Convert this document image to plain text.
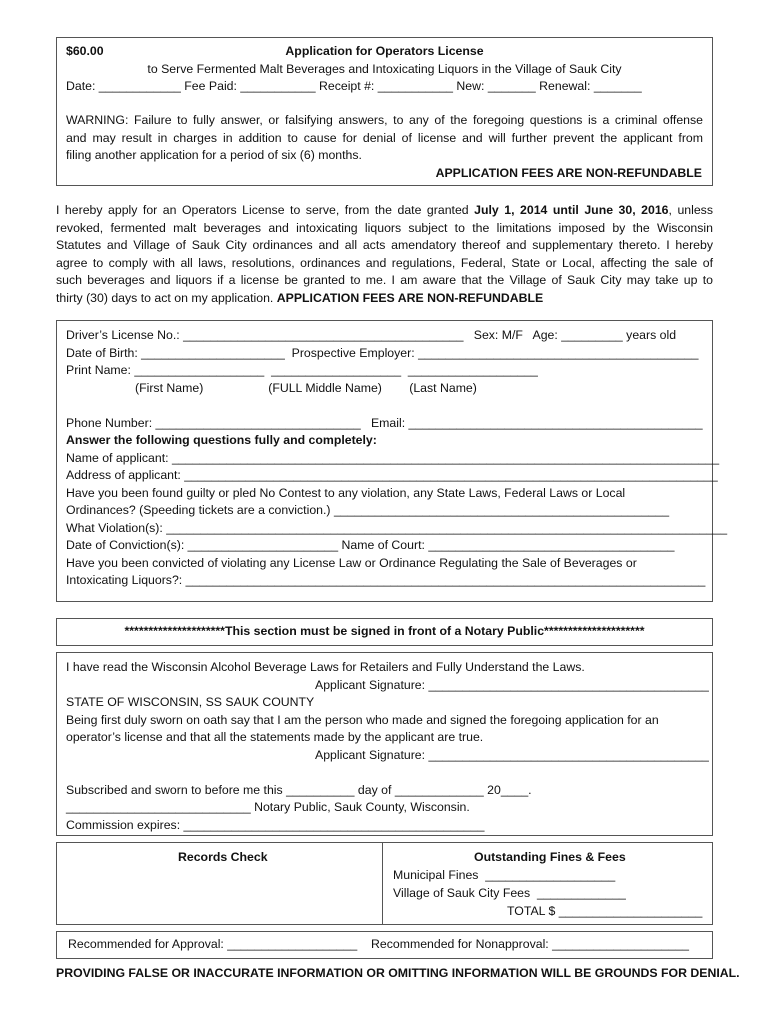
$60.00	Application for Operators License
to Serve Fermented Malt Beverages and Intoxicating Liquors in the Village of Sauk City
Date: ____________ Fee Paid: ___________ Receipt #: ___________ New: _______ Renewal: _______
WARNING: Failure to fully answer, or falsifying answers, to any of the foregoing questions is a criminal offense
and may result in charges in addition to cause for denial of license and will further prevent the applicant from
filing another application for a period of six (6) months.
APPLICATION FEES ARE NON-REFUNDABLE
I hereby apply for an Operators License to serve, from the date granted July 1, 2014 until June 30, 2016, unless
revoked, fermented malt beverages and intoxicating liquors subject to the limitations imposed by the Wisconsin
Statutes and Village of Sauk City ordinances and all acts amendatory thereof and supplementary thereto. I hereby
agree to comply with all laws, resolutions, ordinances and regulations, Federal, State or Local, affecting the sale of
such beverages and liquors if a license be granted to me. I am aware that the Village of Sauk City may take up to
thirty (30) days to act on my application. APPLICATION FEES ARE NON-REFUNDABLE
Driver’s License No.: _________________________________________   Sex: M/F   Age: _________ years old
Date of Birth: _____________________  Prospective Employer: _________________________________________
Print Name: ___________________  ___________________  ___________________
(First Name)                   (FULL Middle Name)        (Last Name)

Phone Number: ______________________________   Email: ___________________________________________
Answer the following questions fully and completely:
Name of applicant: ________________________________________________________________________________
Address of applicant: ______________________________________________________________________________
Have you been found guilty or pled No Contest to any violation, any State Laws, Federal Laws or Local
Ordinances? (Speeding tickets are a conviction.) _________________________________________________
What Violation(s): __________________________________________________________________________________
Date of Conviction(s): ______________________ Name of Court: ____________________________________
Have you been convicted of violating any License Law or Ordinance Regulating the Sale of Beverages or
Intoxicating Liquors?: ____________________________________________________________________________
*********************This section must be signed in front of a Notary Public*********************
I have read the Wisconsin Alcohol Beverage Laws for Retailers and Fully Understand the Laws.
Applicant Signature: _________________________________________
STATE OF WISCONSIN, SS SAUK COUNTY
Being first duly sworn on oath say that I am the person who made and signed the foregoing application for an
operator’s license and that all the statements made by the applicant are true.
Applicant Signature: _________________________________________

Subscribed and sworn to before me this __________ day of _____________ 20____.
___________________________ Notary Public, Sauk County, Wisconsin.
Commission expires: ____________________________________________
Records Check	Outstanding Fines & Fees
Municipal Fines  ___________________
Village of Sauk City Fees  _____________
TOTAL $ _____________________
Recommended for Approval: ___________________ Recommended for Nonapproval: ____________________
PROVIDING FALSE OR INACCURATE INFORMATION OR OMITTING INFORMATION WILL BE GROUNDS FOR DENIAL.
